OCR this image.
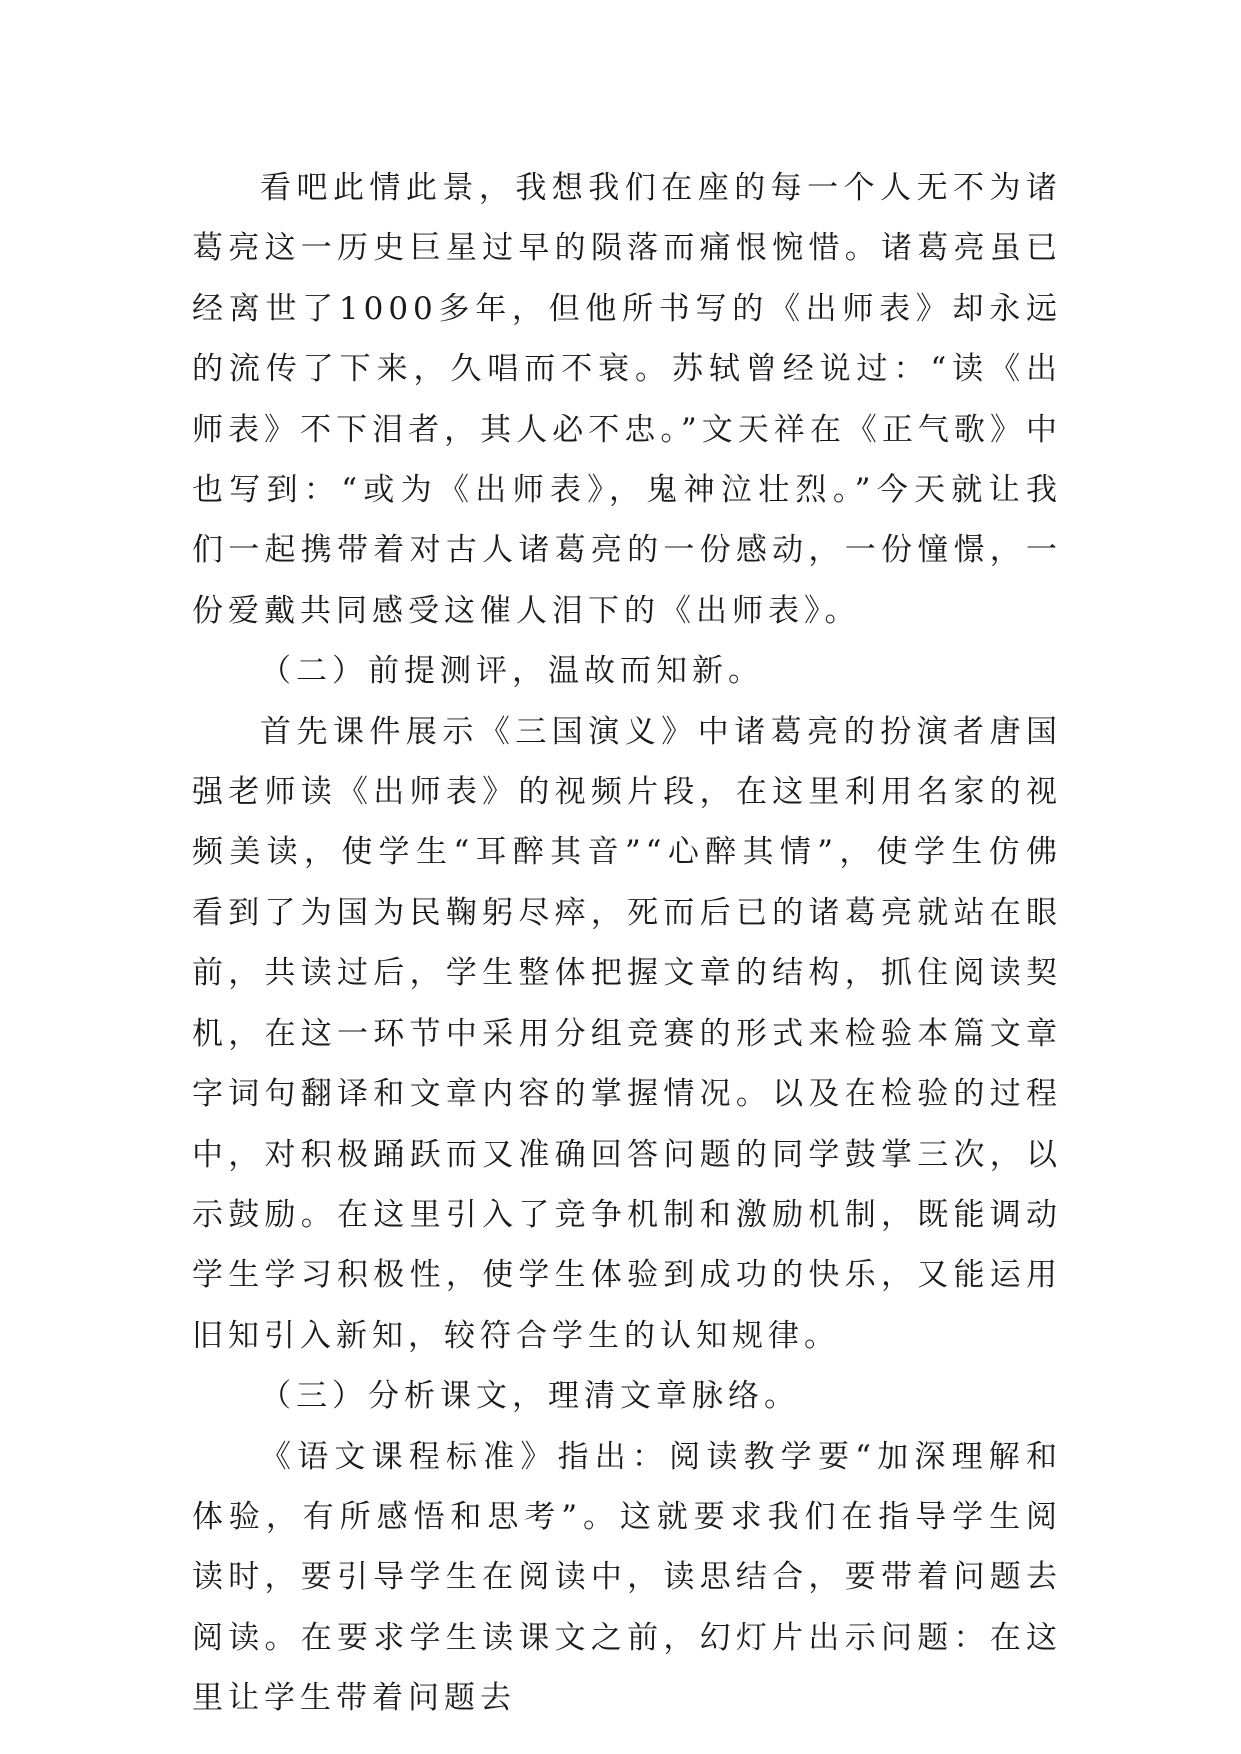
看吧此情此景，我想我们在座的每一个人无不为诸葛亮这一历史巨星过早的陨落而痛恨惋惜。诸葛亮虽已经离世了1000多年，但他所书写的《出师表》却永远的流传了下来，久唱而不衰。苏轼曾经说过：“读《出师表》不下泪者，其人必不忠。”文天祥在《正气歌》中也写到：“或为《出师表》，鬼神泣壮烈。”今天就让我们一起携带着对古人诸葛亮的一份感动，一份憧憬，一份爱戴共同感受这催人泪下的《出师表》。

（二）前提测评，温故而知新。

首先课件展示《三国演义》中诸葛亮的扮演者唐国强老师读《出师表》的视频片段，在这里利用名家的视频美读，使学生“耳醉其音”“心醉其情”，使学生仿佛看到了为国为民鞠躬尽瘁，死而后已的诸葛亮就站在眼前，共读过后，学生整体把握文章的结构，抓住阅读契机，在这一环节中采用分组竞赛的形式来检验本篇文章字词句翻译和文章内容的掌握情况。以及在检验的过程中，对积极踊跃而又准确回答问题的同学鼓掌三次，以示鼓励。在这里引入了竞争机制和激励机制，既能调动学生学习积极性，使学生体验到成功的快乐，又能运用旧知引入新知，较符合学生的认知规律。

（三）分析课文，理清文章脉络。

《语文课程标准》指出：阅读教学要“加深理解和体验，有所感悟和思考”。这就要求我们在指导学生阅读时，要引导学生在阅读中，读思结合，要带着问题去阅读。在要求学生读课文之前，幻灯片出示问题：在这里让学生带着问题去
